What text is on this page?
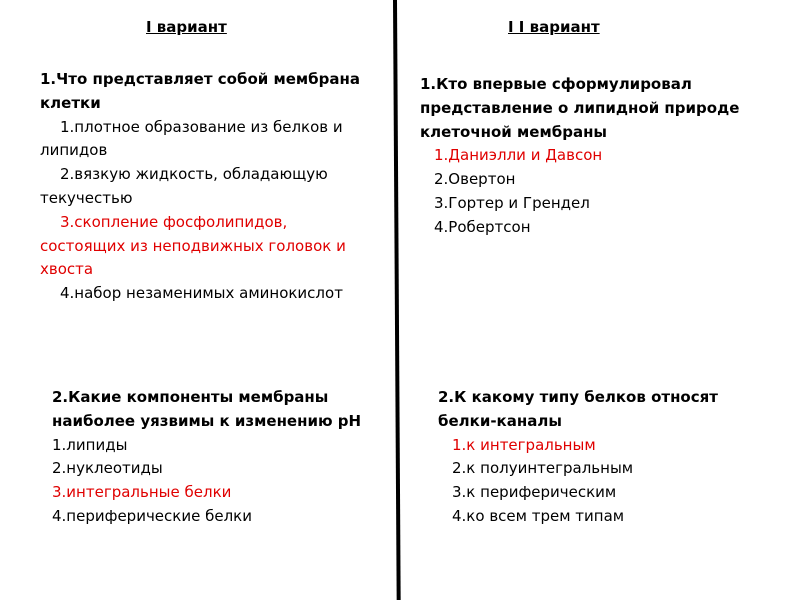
I вариант

1.Что представляет собой мембрана клетки

1.плотное образование из белков и липидов

2.вязкую жидкость, обладающую текучестью

3.скопление фосфолипидов, состоящих из неподвижных головок и хвоста

4.набор незаменимых аминокислот

2.Какие компоненты мембраны наиболее уязвимы к изменению pH

1.липиды

2.нуклеотиды

3.интегральные белки

4.периферические белки

I I вариант

1.Кто впервые сформулировал представление о липидной природе клеточной мембраны

1.Даниэлли и Давсон

2.Овертон

3.Гортер и Грендел

4.Робертсон

2.К какому типу белков относят белки-каналы

1.к интегральным

2.к полуинтегральным

3.к периферическим

4.ко всем трем типам
